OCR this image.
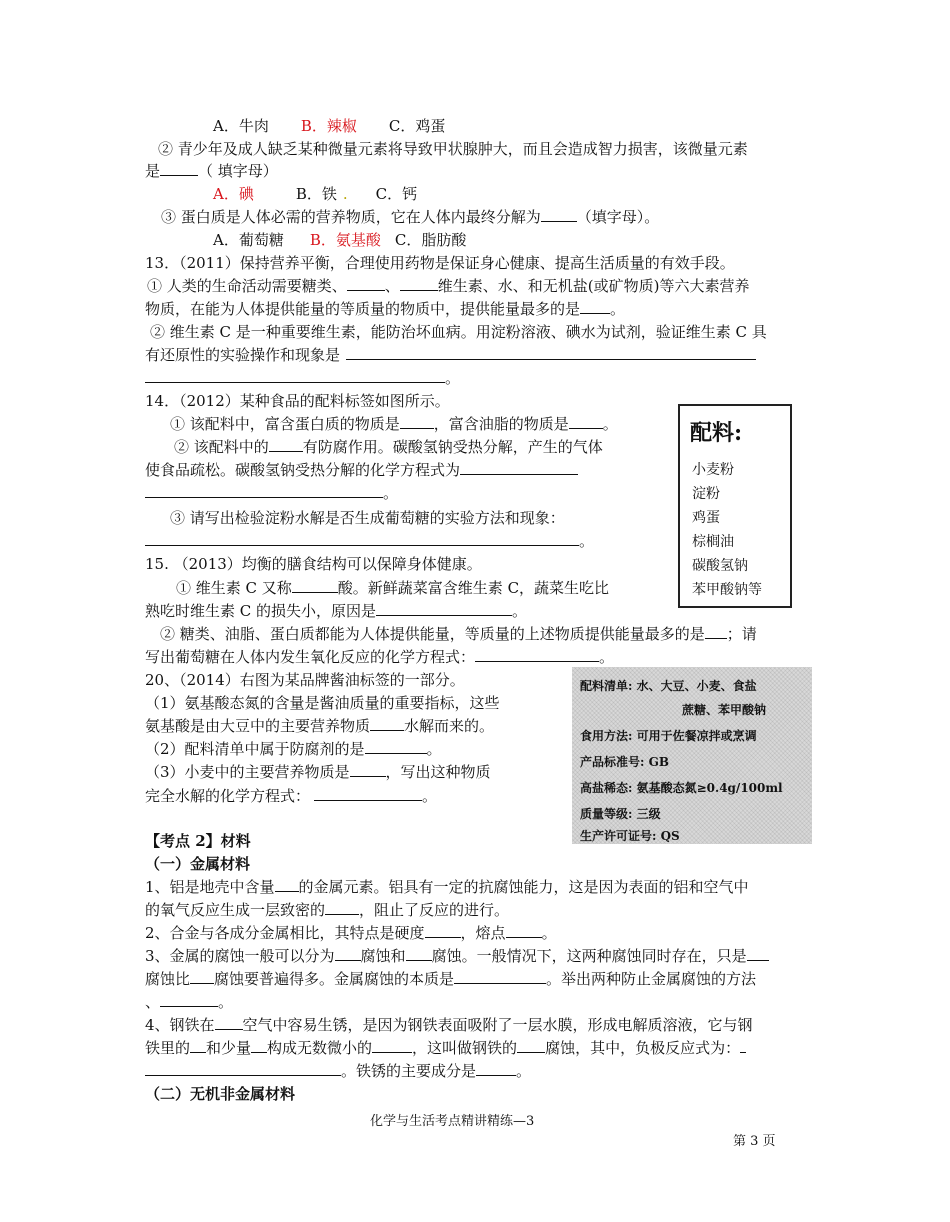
A．牛肉 B．辣椒 C．鸡蛋
② 青少年及成人缺乏某种微量元素将导致甲状腺肿大，而且会造成智力损害，该微量元素
是	（ 填字母）
A．碘	B．铁 . C．钙
③ 蛋白质是人体必需的营养物质，它在人体内最终分解为 （填字母）。
A．葡萄糖 B．氨基酸 C．脂肪酸
13．（2011）保持营养平衡，合理使用药物是保证身心健康、提高生活质量的有效手段。
① 人类的生命活动需要糖类、	、	维生素、水、和无机盐(或矿物质)等六大素营养
物质，在能为人体提供能量的等质量的物质中，提供能量最多的是 。
② 维生素 C 是一种重要维生素，能防治坏血病。用淀粉溶液、碘水为试剂，验证维生素 C 具
有还原性的实验操作和现象是
。
14．（2012）某种食品的配料标签如图所示。
① 该配料中，富含蛋白质的物质是 ，富含油脂的物质是 。
② 该配料中的 有防腐作用。碳酸氢钠受热分解，产生的气体
使食品疏松。碳酸氢钠受热分解的化学方程式为
。
③ 请写出检验淀粉水解是否生成葡萄糖的实验方法和现象：
。
配料:
小麦粉
淀粉
鸡蛋
棕榈油
碳酸氢钠
苯甲酸钠等
15. （2013）均衡的膳食结构可以保障身体健康。
① 维生素 C 又称	酸。新鲜蔬菜富含维生素 C，蔬菜生吃比
熟吃时维生素 C 的损失小，原因是	。
② 糖类、油脂、蛋白质都能为人体提供能量，等质量的上述物质提供能量最多的是 ；请
写出葡萄糖在人体内发生氧化反应的化学方程式：	。
20、（2014）右图为某品牌酱油标签的一部分。
（1）氨基酸态氮的含量是酱油质量的重要指标，这些
氨基酸是由大豆中的主要营养物质 水解而来的。
（2）配料清单中属于防腐剂的是	。
（3）小麦中的主要营养物质是 ，写出这种物质
完全水解的化学方程式：	。
配料清单: 水、大豆、小麦、食盐
蔗糖、苯甲酸钠
食用方法: 可用于佐餐凉拌或烹调
产品标准号: GB
高盐稀态: 氨基酸态氮≥0.4g/100ml
质量等级: 三级
生产许可证号: QS
【考点 2】材料
（一）金属材料
1、铝是地壳中含量 的金属元素。铝具有一定的抗腐蚀能力，这是因为表面的铝和空气中
的氧气反应生成一层致密的 ，阻止了反应的进行。
2、合金与各成分金属相比，其特点是硬度 ，熔点 。
3、金属的腐蚀一般可以分为 腐蚀和 腐蚀。一般情况下，这两种腐蚀同时存在，只是
腐蚀比 腐蚀要普遍得多。金属腐蚀的本质是	。举出两种防止金属腐蚀的方法
、	。
4、钢铁在 空气中容易生锈，是因为钢铁表面吸附了一层水膜，形成电解质溶液，它与钢
铁里的 和少量 构成无数微小的	，这叫做钢铁的 腐蚀，其中，负极反应式为：
。铁锈的主要成分是	。
（二）无机非金属材料
化学与生活考点精讲精练—3
第 3 页
